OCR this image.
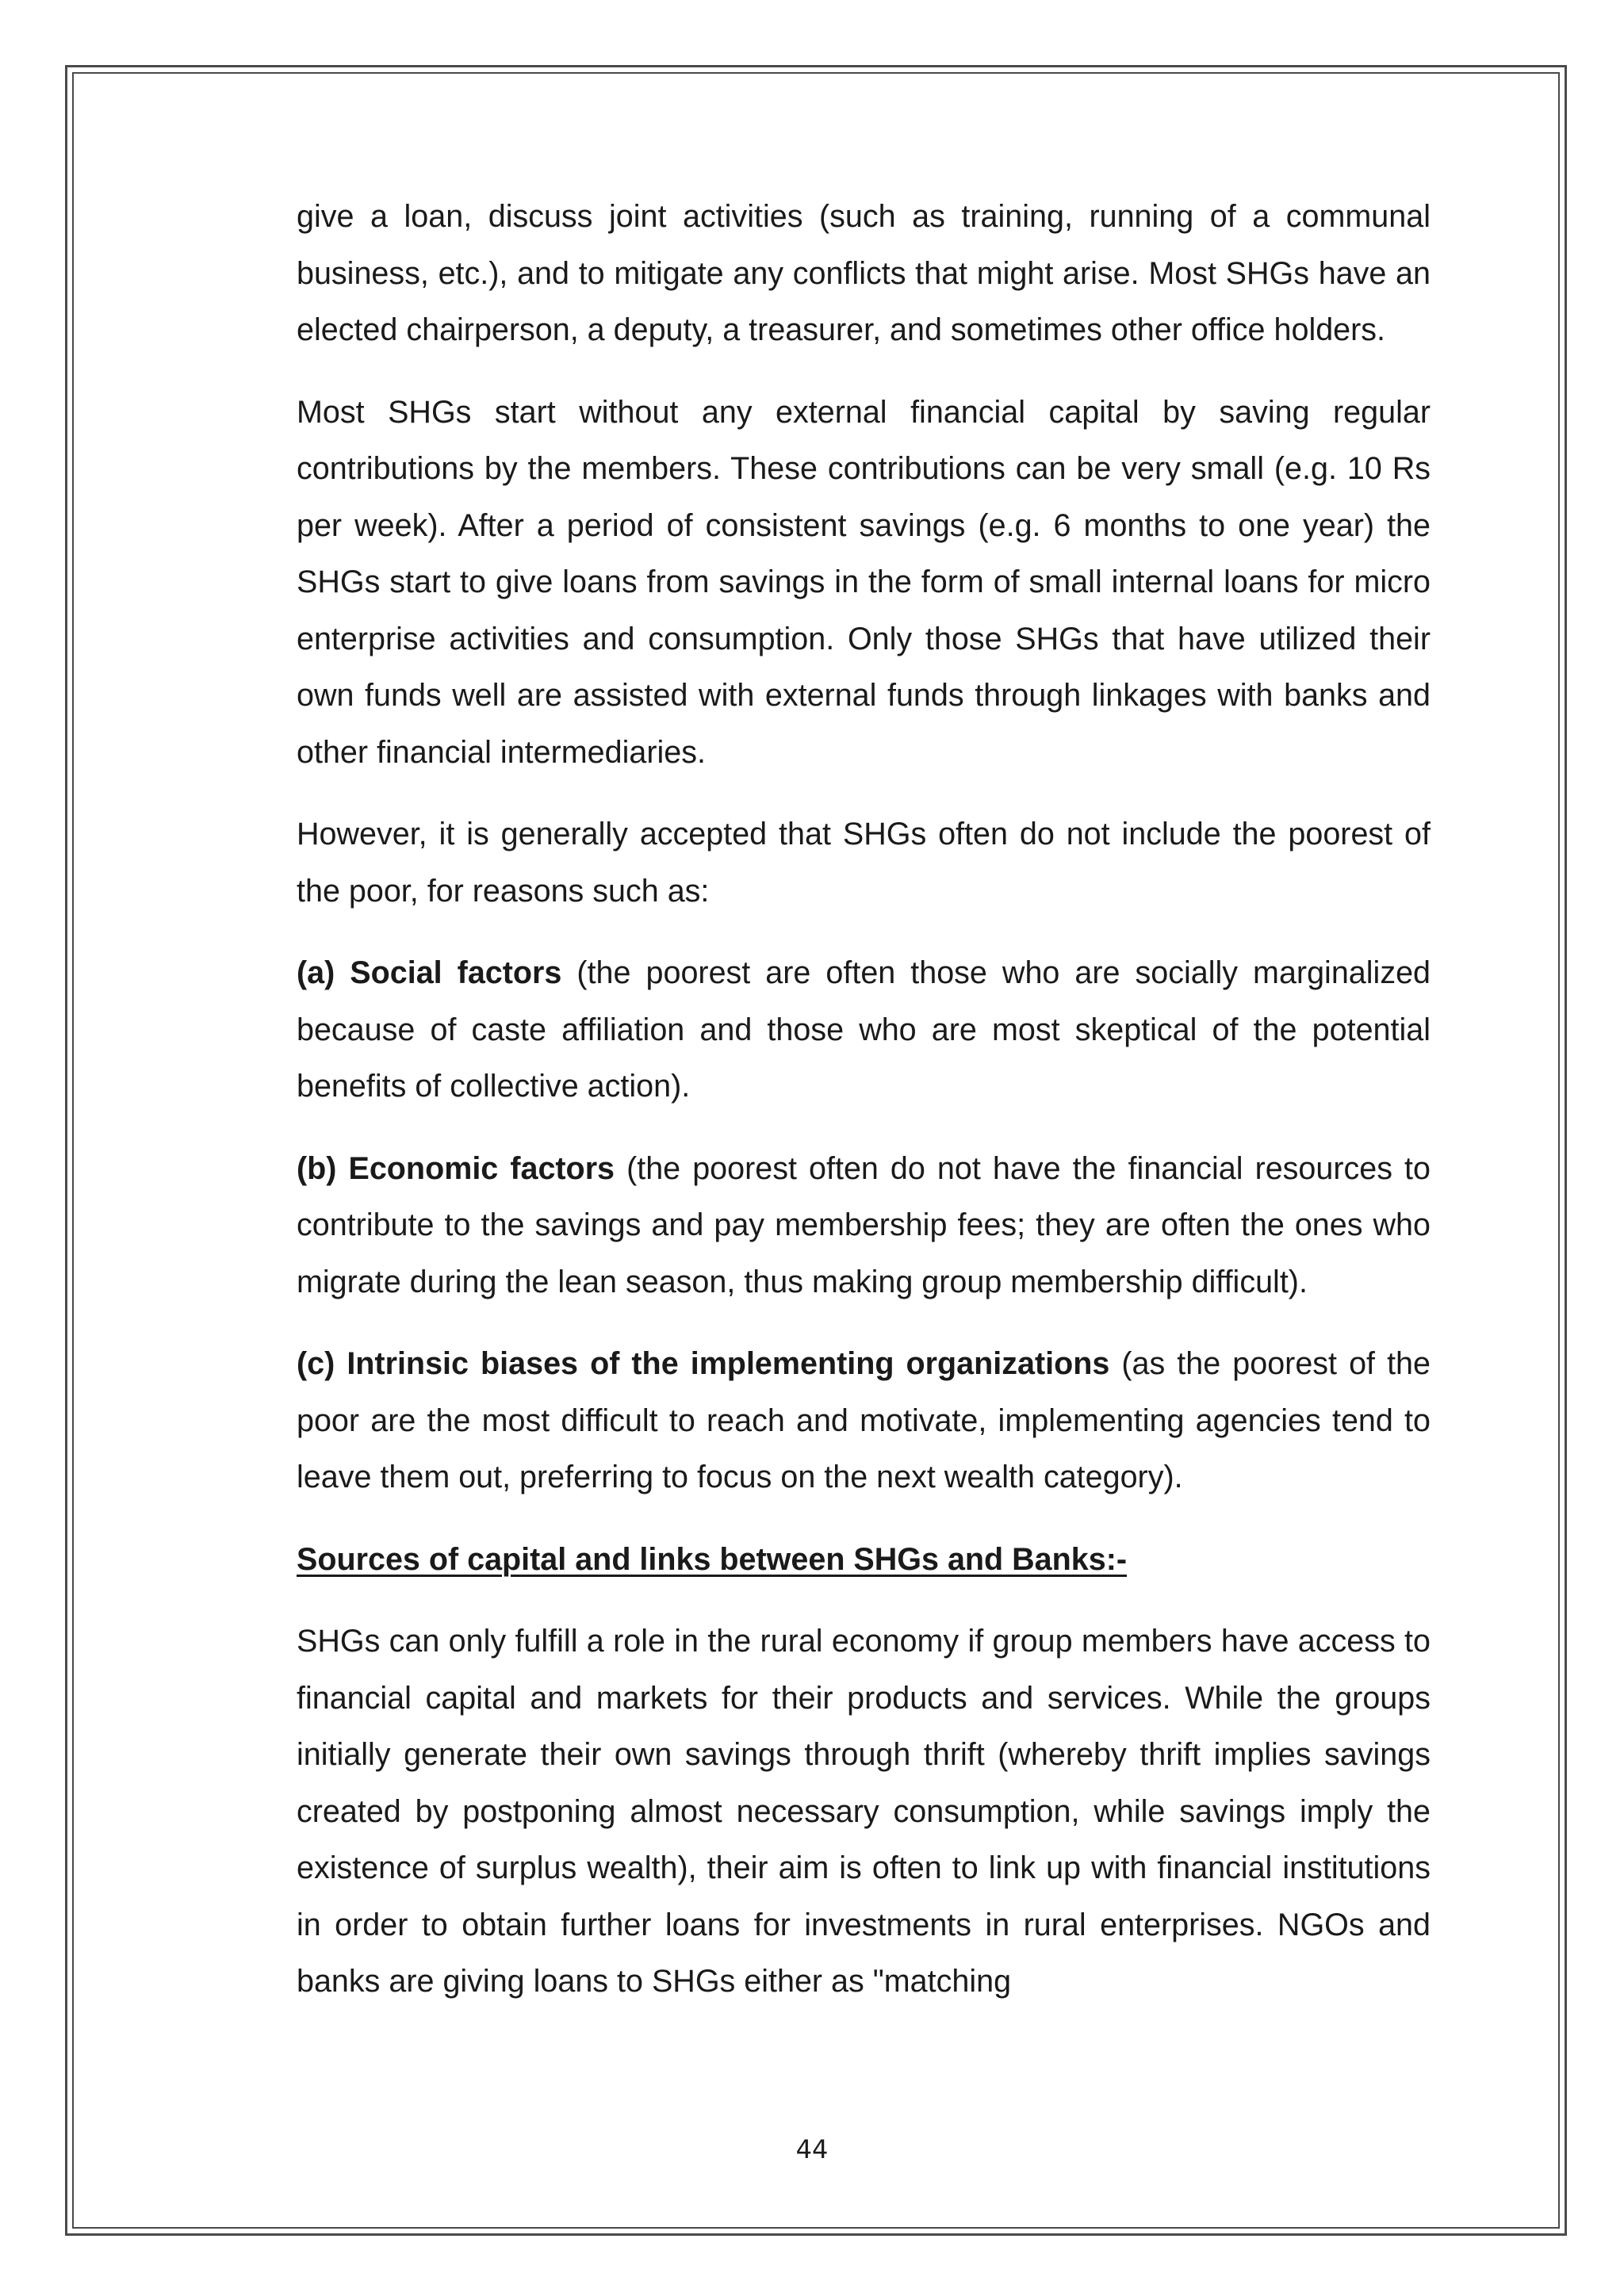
give a loan, discuss joint activities (such as training, running of a communal business, etc.), and to mitigate any conflicts that might arise. Most SHGs have an elected chairperson, a deputy, a treasurer, and sometimes other office holders.

Most SHGs start without any external financial capital by saving regular contributions by the members. These contributions can be very small (e.g. 10 Rs per week). After a period of consistent savings (e.g. 6 months to one year) the SHGs start to give loans from savings in the form of small internal loans for micro enterprise activities and consumption. Only those SHGs that have utilized their own funds well are assisted with external funds through linkages with banks and other financial intermediaries.

However, it is generally accepted that SHGs often do not include the poorest of the poor, for reasons such as:

(a) Social factors (the poorest are often those who are socially marginalized because of caste affiliation and those who are most skeptical of the potential benefits of collective action).

(b) Economic factors (the poorest often do not have the financial resources to contribute to the savings and pay membership fees; they are often the ones who migrate during the lean season, thus making group membership difficult).

(c) Intrinsic biases of the implementing organizations (as the poorest of the poor are the most difficult to reach and motivate, implementing agencies tend to leave them out, preferring to focus on the next wealth category).

Sources of capital and links between SHGs and Banks:-

SHGs can only fulfill a role in the rural economy if group members have access to financial capital and markets for their products and services. While the groups initially generate their own savings through thrift (whereby thrift implies savings created by postponing almost necessary consumption, while savings imply the existence of surplus wealth), their aim is often to link up with financial institutions in order to obtain further loans for investments in rural enterprises. NGOs and banks are giving loans to SHGs either as "matching

44
